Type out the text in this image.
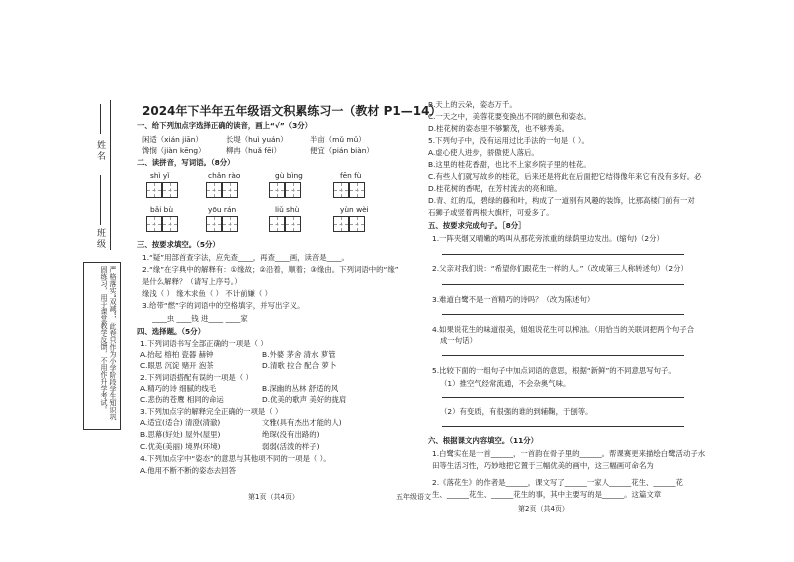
姓名
班级
严格落实“双减”，此卷只作为小学阶段学生知识巩固练习，用于课堂教学反馈，不用作升学考试。
2024年下半年五年级语文积累练习一（教材 P1—14）
一、给下列加点字选择正确的读音，画上“√”（3分）
闲适（xián jiān）	长堤（huì yuán）	半亩（mǔ mǔ）
馋悯（jiàn kēng）	柳冉（huǎ fēi）	便宜（pián biàn）
二、读拼音，写词语。（8分）
shì yǐ	chǎn rào	gù bìng	fēn fù
bǎi bù	yōu rán	liǔ shù	yùn wèi
三、按要求填空。（5分）
1.“疑”用部首查字法，应先查____，再查____画，读音是____。
2.“缘”在字典中的解释有：①缘故；②沿着，顺着；③缘由。下列词语中的“缘”
是什么解释？（请写上序号。）
缘浅（ ） 缘木求鱼（ ） 不计前嫌（ ）
3.给带“燃”字的词语中的空格填字，并写出字义。
____虫 ____钱 进____ ____家
四、选择题。（5分）
1.下列词语书写全部正确的一项是（ ）
A.抬起 榕柏 瓷器 赫钟	B.外婆 茅舍 清水 萝管
C.眼思 沉淀 赌开 泡茶	D.清歌 拉合 配合 萝卜
2.下列词语搭配有误的一项是（ ）
A.精巧的诗 细腻的线毛	B.深幽的丛林 舒适的风
C.悲伤的苍鹰 相同的命运	D.优美的歌声 美好的拢肩
3.下列加点字的解释完全正确的一项是（ ）
A.适宜(适合) 清澄(清澈)	文雅(具有杰出才能的人)
B.思幕(好处) 屋外(屋里)	绝琛(没有出路的)
C.优美(美丽) 境界(环境)	弱弱(活泼的样子)
4.下列加点字中“姿态”的意思与其他项不同的一项是（ ）。
A.他用不断不断的姿态去回答
第1页（共4页）	五年级语文
B.天上的云朵，姿态万千。
C.一天之中，美蓉花要变换出不同的颜色和姿态。
D.桂花树的姿态里不够繁茂，也不够秀美。
5.下列句子中，没有运用过比手法的一句是（ ）。
A.虚心使人进步，骄傲使人落后。
B.这里的桂花香甜，也比不上家乡院子里的桂花。
C.有些人们就写故乡的桂花，后来还是将此在后面把它结得像年来它有没有多好。必
D.桂花树的香呢，在芳村流去的亮和暗。
D.青、红的瓜，碧绿的藤和叶，构成了一道别有风趣的装饰，比那高楼门前有一对
石狮子或竖着两根大旗杆，可爱多了。
五、按要求完成句子。［8分］
1.一阵夹烟又晴嫩的鸣叫从那花旁浓重的绿荫里边发出。(缩句)（2分）
2.父亲对我们说：“希望你们跟花生一样的人。”（改成第三人称转述句）（2分）
3.难道白鹭不是一首精巧的诗吗？（改为陈述句）
4.如果说花生的味道很美，姐姐说花生可以榨油。（用恰当的关联词把两个句子合
成一句话）
5.比较下面的一组句子中加点词语的意思，根据“新鲜”的不同意思写句子。
（1）推空气经常流通，不会杂奥气味。
（2）有变质，有很强的谁的到辅鞠，于刨等。
六、根据课文内容填空。（11分）
1.白鹭实在是一首______，一首韵在骨子里的______。帮课赛更来描绘白鹭活动子水
田等生活习性，巧妙地把它置于三幅优美的画中，这三幅画可命名为
2.《落花生》的作者是______，课文写了______一家人______花生、______花
生、______花生、______花生的事，其中主要写的是______。这篇文章
第2页（共4页）
